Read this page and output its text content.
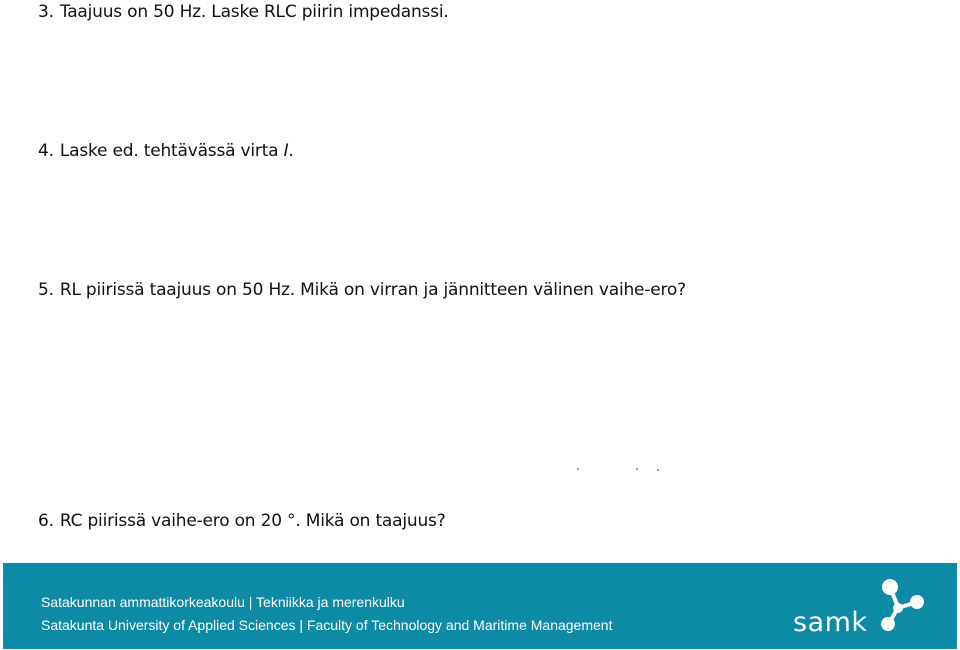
3. Taajuus on 50 Hz. Laske RLC piirin impedanssi.

4. Laske ed. tehtävässä virta I.

5. RL piirissä taajuus on 50 Hz. Mikä on virran ja jännitteen välinen vaihe-ero?

6. RC piirissä vaihe-ero on 20 °. Mikä on taajuus?

Satakunnan ammattikorkeakoulu | Tekniikka ja merenkulku
Satakunta University of Applied Sciences | Faculty of Technology and Maritime Management	samk
